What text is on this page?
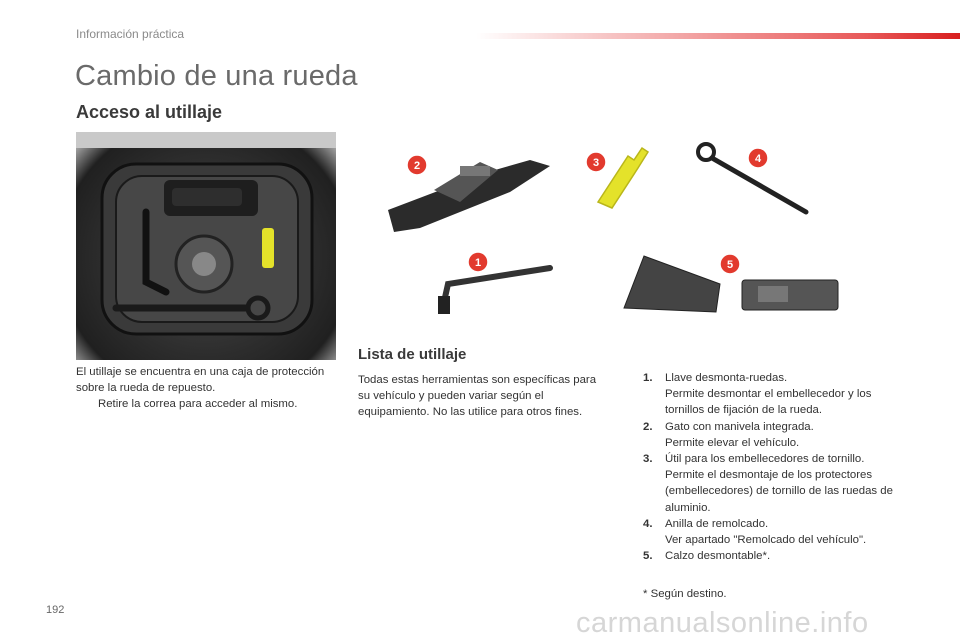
Información práctica
Cambio de una rueda
Acceso al utillaje
El utillaje se encuentra en una caja de protección sobre la rueda de repuesto.
Retire la correa para acceder al mismo.
2	3	4
1	5
Lista de utillaje
Todas estas herramientas son específicas para su vehículo y pueden variar según el equipamiento. No las utilice para otros fines.
1. Llave desmonta-ruedas.
Permite desmontar el embellecedor y los tornillos de fijación de la rueda.
2. Gato con manivela integrada.
Permite elevar el vehículo.
3. Útil para los embellecedores de tornillo.
Permite el desmontaje de los protectores (embellecedores) de tornillo de las ruedas de aluminio.
4. Anilla de remolcado.
Ver apartado "Remolcado del vehículo".
5. Calzo desmontable*.
* Según destino.
192	carmanualsonline.info
